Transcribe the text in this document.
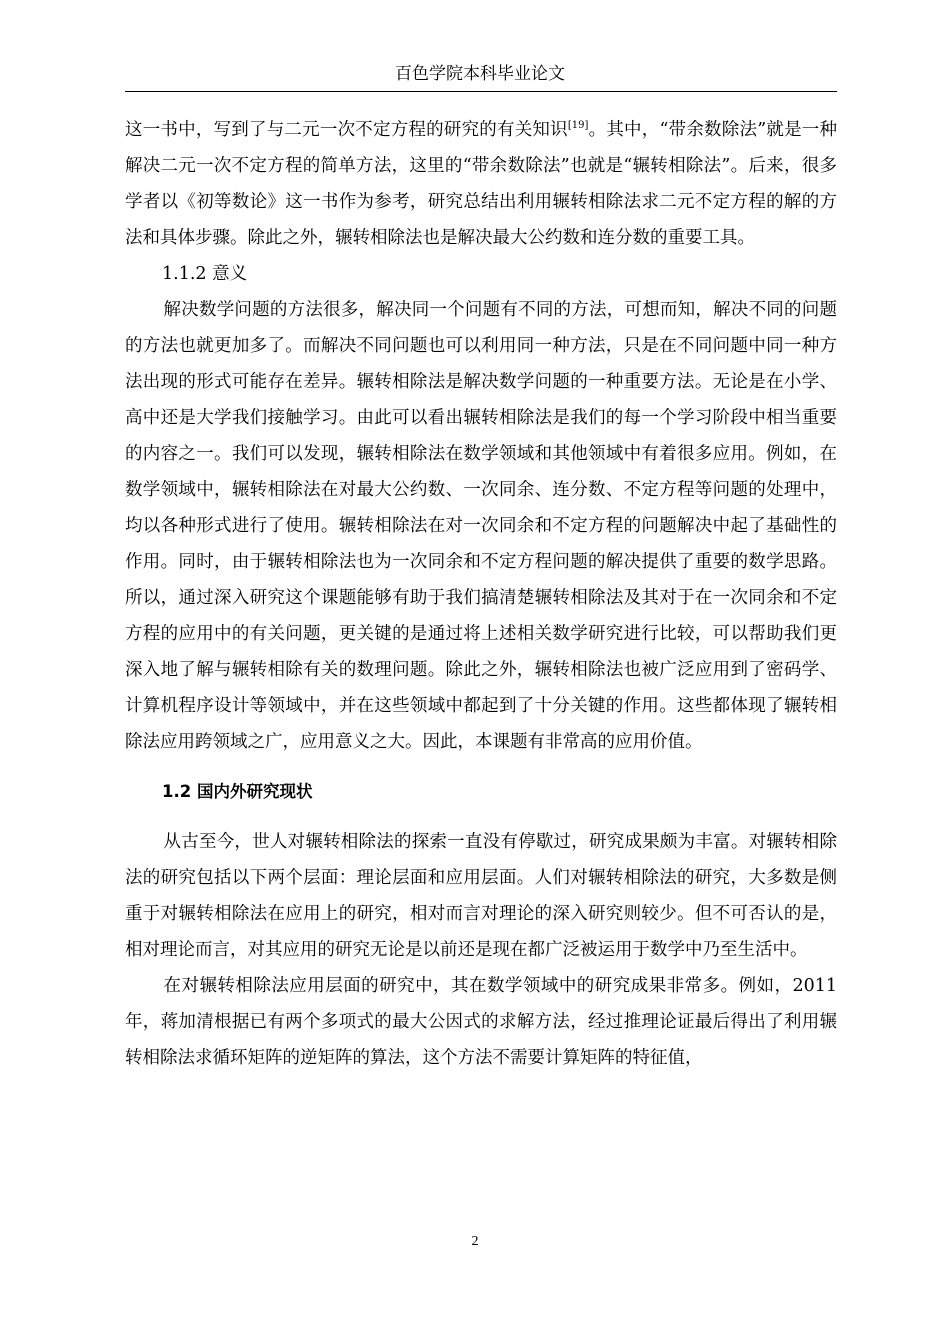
百色学院本科毕业论文

这一书中，写到了与二元一次不定方程的研究的有关知识[19]。其中，“带余数除法”就是一种解决二元一次不定方程的简单方法，这里的“带余数除法”也就是“辗转相除法”。后来，很多学者以《初等数论》这一书作为参考，研究总结出利用辗转相除法求二元不定方程的解的方法和具体步骤。除此之外，辗转相除法也是解决最大公约数和连分数的重要工具。

1.1.2 意义

解决数学问题的方法很多，解决同一个问题有不同的方法，可想而知，解决不同的问题的方法也就更加多了。而解决不同问题也可以利用同一种方法，只是在不同问题中同一种方法出现的形式可能存在差异。辗转相除法是解决数学问题的一种重要方法。无论是在小学、高中还是大学我们接触学习。由此可以看出辗转相除法是我们的每一个学习阶段中相当重要的内容之一。我们可以发现，辗转相除法在数学领域和其他领域中有着很多应用。例如，在数学领域中，辗转相除法在对最大公约数、一次同余、连分数、不定方程等问题的处理中，均以各种形式进行了使用。辗转相除法在对一次同余和不定方程的问题解决中起了基础性的作用。同时，由于辗转相除法也为一次同余和不定方程问题的解决提供了重要的数学思路。所以，通过深入研究这个课题能够有助于我们搞清楚辗转相除法及其对于在一次同余和不定方程的应用中的有关问题，更关键的是通过将上述相关数学研究进行比较，可以帮助我们更深入地了解与辗转相除有关的数理问题。除此之外，辗转相除法也被广泛应用到了密码学、计算机程序设计等领域中，并在这些领域中都起到了十分关键的作用。这些都体现了辗转相除法应用跨领域之广，应用意义之大。因此，本课题有非常高的应用价值。

1.2 国内外研究现状

从古至今，世人对辗转相除法的探索一直没有停歇过，研究成果颇为丰富。对辗转相除法的研究包括以下两个层面：理论层面和应用层面。人们对辗转相除法的研究，大多数是侧重于对辗转相除法在应用上的研究，相对而言对理论的深入研究则较少。但不可否认的是，相对理论而言，对其应用的研究无论是以前还是现在都广泛被运用于数学中乃至生活中。

在对辗转相除法应用层面的研究中，其在数学领域中的研究成果非常多。例如，2011 年，蒋加清根据已有两个多项式的最大公因式的求解方法，经过推理论证最后得出了利用辗转相除法求循环矩阵的逆矩阵的算法，这个方法不需要计算矩阵的特征值，

2
